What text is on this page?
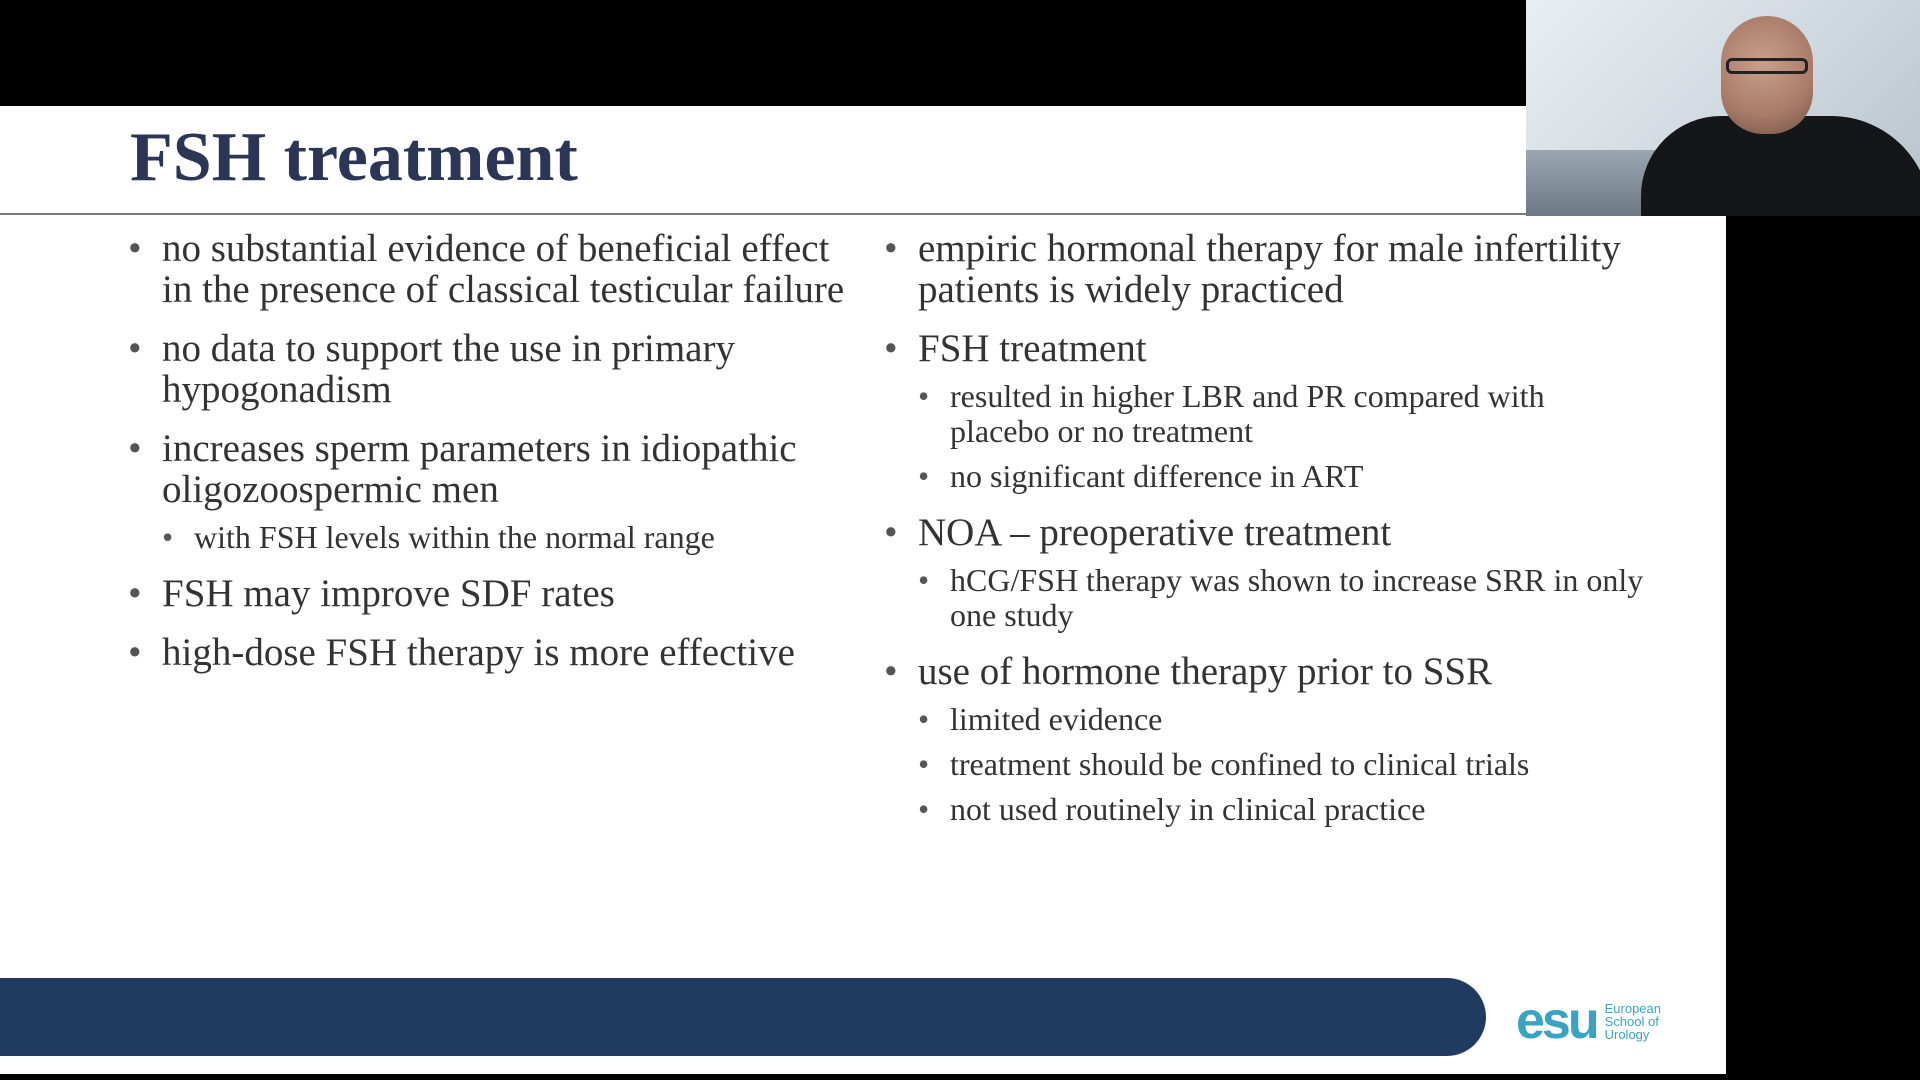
FSH treatment
• no substantial evidence of beneficial effect in the presence of classical testicular failure
• no data to support the use in primary hypogonadism
• increases sperm parameters in idiopathic oligozoospermic men
• with FSH levels within the normal range
• FSH may improve SDF rates
• high-dose FSH therapy is more effective
• empiric hormonal therapy for male infertility patients is widely practiced
• FSH treatment
• resulted in higher LBR and PR compared with placebo or no treatment
• no significant difference in ART
• NOA – preoperative treatment
• hCG/FSH therapy was shown to increase SRR in only one study
• use of hormone therapy prior to SSR
• limited evidence
• treatment should be confined to clinical trials
• not used routinely in clinical practice
esu European
School of
Urology
